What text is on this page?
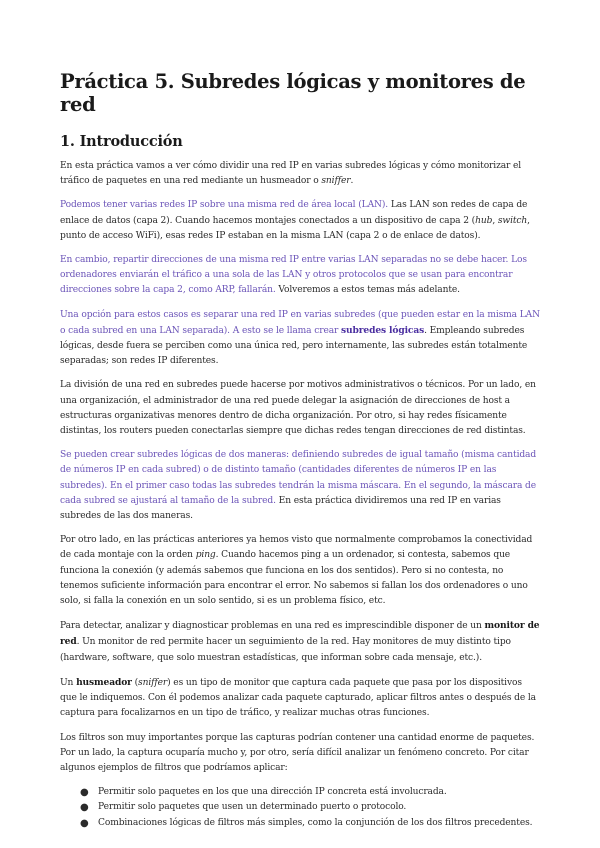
Práctica 5. Subredes lógicas y monitores de red
1. Introducción

En esta práctica vamos a ver cómo dividir una red IP en varias subredes lógicas y cómo monitorizar el tráfico de paquetes en una red mediante un husmeador o sniffer.

Podemos tener varias redes IP sobre una misma red de área local (LAN). Las LAN son redes de capa de enlace de datos (capa 2). Cuando hacemos montajes conectados a un dispositivo de capa 2 (hub, switch, punto de acceso WiFi), esas redes IP estaban en la misma LAN (capa 2 o de enlace de datos).

En cambio, repartir direcciones de una misma red IP entre varias LAN separadas no se debe hacer. Los ordenadores enviarán el tráfico a una sola de las LAN y otros protocolos que se usan para encontrar direcciones sobre la capa 2, como ARP, fallarán. Volveremos a estos temas más adelante.

Una opción para estos casos es separar una red IP en varias subredes (que pueden estar en la misma LAN o cada subred en una LAN separada). A esto se le llama crear subredes lógicas. Empleando subredes lógicas, desde fuera se perciben como una única red, pero internamente, las subredes están totalmente separadas; son redes IP diferentes.

La división de una red en subredes puede hacerse por motivos administrativos o técnicos. Por un lado, en una organización, el administrador de una red puede delegar la asignación de direcciones de host a estructuras organizativas menores dentro de dicha organización. Por otro, si hay redes físicamente distintas, los routers pueden conectarlas siempre que dichas redes tengan direcciones de red distintas.

Se pueden crear subredes lógicas de dos maneras: definiendo subredes de igual tamaño (misma cantidad de números IP en cada subred) o de distinto tamaño (cantidades diferentes de números IP en las subredes). En el primer caso todas las subredes tendrán la misma máscara. En el segundo, la máscara de cada subred se ajustará al tamaño de la subred. En esta práctica dividiremos una red IP en varias subredes de las dos maneras.

Por otro lado, en las prácticas anteriores ya hemos visto que normalmente comprobamos la conectividad de cada montaje con la orden ping. Cuando hacemos ping a un ordenador, si contesta, sabemos que funciona la conexión (y además sabemos que funciona en los dos sentidos). Pero si no contesta, no tenemos suficiente información para encontrar el error. No sabemos si fallan los dos ordenadores o uno solo, si falla la conexión en un solo sentido, si es un problema físico, etc.

Para detectar, analizar y diagnosticar problemas en una red es imprescindible disponer de un monitor de red. Un monitor de red permite hacer un seguimiento de la red. Hay monitores de muy distinto tipo (hardware, software, que solo muestran estadísticas, que informan sobre cada mensaje, etc.).

Un husmeador (sniffer) es un tipo de monitor que captura cada paquete que pasa por los dispositivos que le indiquemos. Con él podemos analizar cada paquete capturado, aplicar filtros antes o después de la captura para focalizarnos en un tipo de tráfico, y realizar muchas otras funciones.

Los filtros son muy importantes porque las capturas podrían contener una cantidad enorme de paquetes. Por un lado, la captura ocuparía mucho y, por otro, sería difícil analizar un fenómeno concreto. Por citar algunos ejemplos de filtros que podríamos aplicar:

● Permitir solo paquetes en los que una dirección IP concreta está involucrada.
● Permitir solo paquetes que usen un determinado puerto o protocolo.
● Combinaciones lógicas de filtros más simples, como la conjunción de los dos filtros precedentes.
